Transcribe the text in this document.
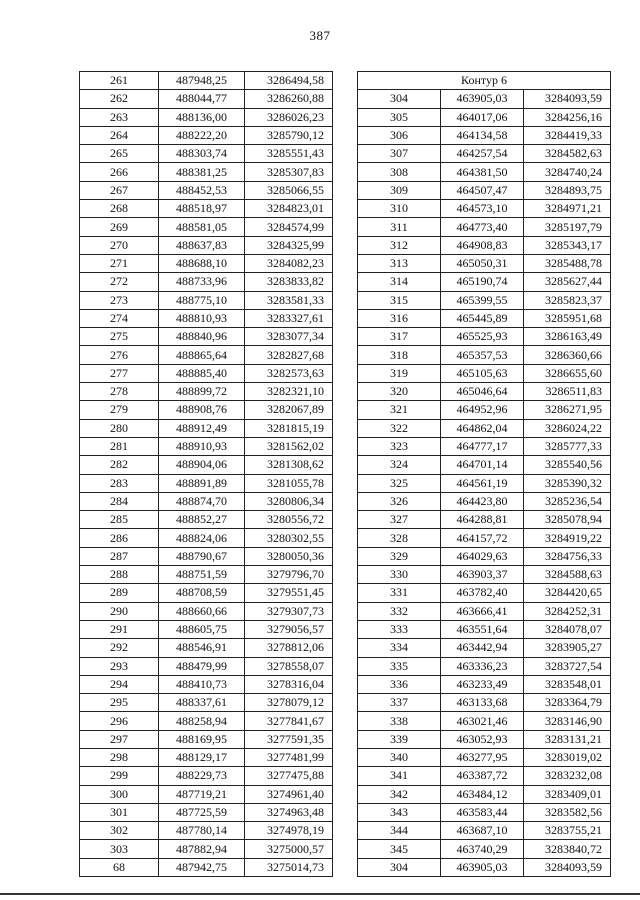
387
261	487948,25	3286494,58
262	488044,77	3286260,88
263	488136,00	3286026,23
264	488222,20	3285790,12
265	488303,74	3285551,43
266	488381,25	3285307,83
267	488452,53	3285066,55
268	488518,97	3284823,01
269	488581,05	3284574,99
270	488637,83	3284325,99
271	488688,10	3284082,23
272	488733,96	3283833,82
273	488775,10	3283581,33
274	488810,93	3283327,61
275	488840,96	3283077,34
276	488865,64	3282827,68
277	488885,40	3282573,63
278	488899,72	3282321,10
279	488908,76	3282067,89
280	488912,49	3281815,19
281	488910,93	3281562,02
282	488904,06	3281308,62
283	488891,89	3281055,78
284	488874,70	3280806,34
285	488852,27	3280556,72
286	488824,06	3280302,55
287	488790,67	3280050,36
288	488751,59	3279796,70
289	488708,59	3279551,45
290	488660,66	3279307,73
291	488605,75	3279056,57
292	488546,91	3278812,06
293	488479,99	3278558,07
294	488410,73	3278316,04
295	488337,61	3278079,12
296	488258,94	3277841,67
297	488169,95	3277591,35
298	488129,17	3277481,99
299	488229,73	3277475,88
300	487719,21	3274961,40
301	487725,59	3274963,48
302	487780,14	3274978,19
303	487882,94	3275000,57
68	487942,75	3275014,73
Контур 6		
304	463905,03	3284093,59
305	464017,06	3284256,16
306	464134,58	3284419,33
307	464257,54	3284582,63
308	464381,50	3284740,24
309	464507,47	3284893,75
310	464573,10	3284971,21
311	464773,40	3285197,79
312	464908,83	3285343,17
313	465050,31	3285488,78
314	465190,74	3285627,44
315	465399,55	3285823,37
316	465445,89	3285951,68
317	465525,93	3286163,49
318	465357,53	3286360,66
319	465105,63	3286655,60
320	465046,64	3286511,83
321	464952,96	3286271,95
322	464862,04	3286024,22
323	464777,17	3285777,33
324	464701,14	3285540,56
325	464561,19	3285390,32
326	464423,80	3285236,54
327	464288,81	3285078,94
328	464157,72	3284919,22
329	464029,63	3284756,33
330	463903,37	3284588,63
331	463782,40	3284420,65
332	463666,41	3284252,31
333	463551,64	3284078,07
334	463442,94	3283905,27
335	463336,23	3283727,54
336	463233,49	3283548,01
337	463133,68	3283364,79
338	463021,46	3283146,90
339	463052,93	3283131,21
340	463277,95	3283019,02
341	463387,72	3283232,08
342	463484,12	3283409,01
343	463583,44	3283582,56
344	463687,10	3283755,21
345	463740,29	3283840,72
304	463905,03	3284093,59
